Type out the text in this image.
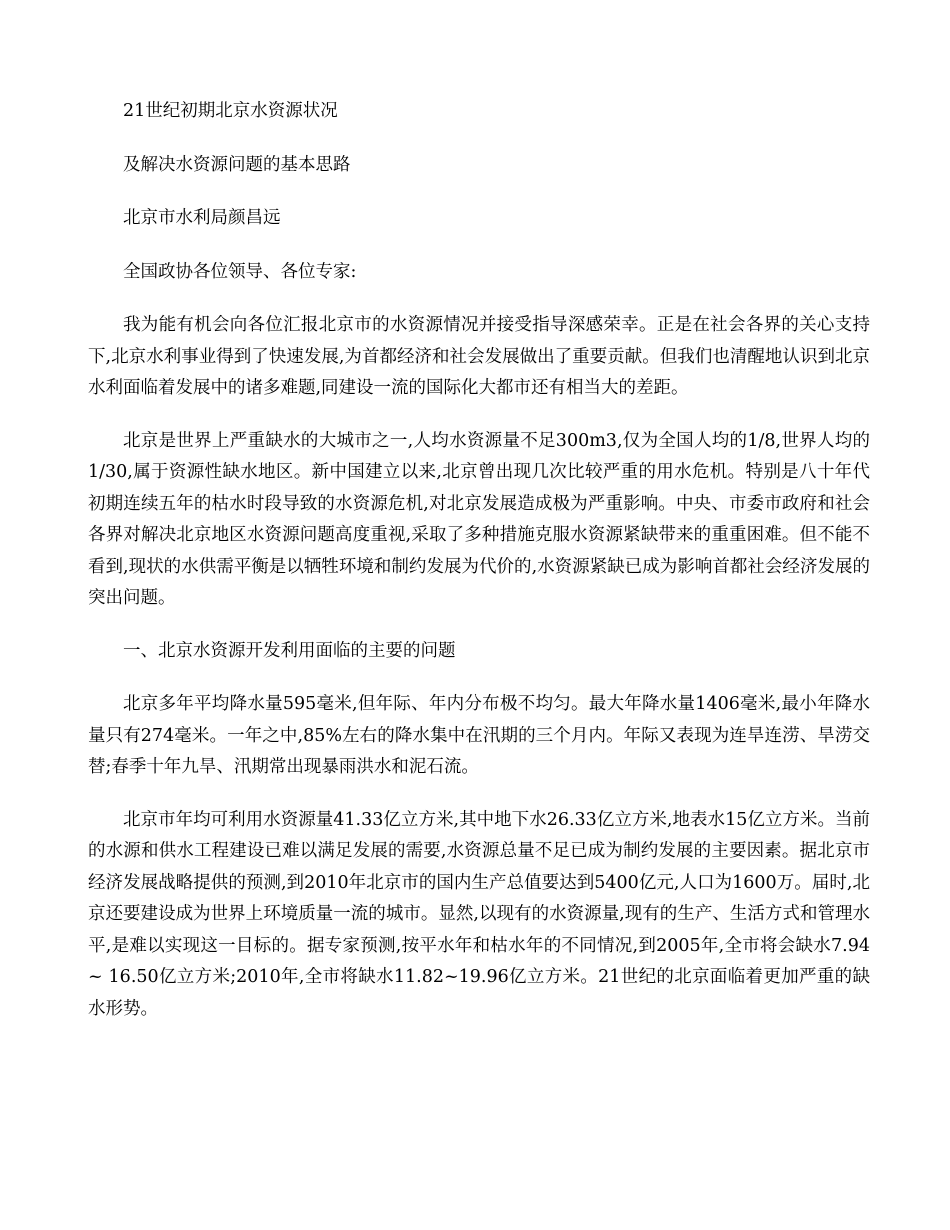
21世纪初期北京水资源状况

及解决水资源问题的基本思路

北京市水利局颜昌远

全国政协各位领导、各位专家:

我为能有机会向各位汇报北京市的水资源情况并接受指导深感荣幸。正是在社会各界的关心支持下,北京水利事业得到了快速发展,为首都经济和社会发展做出了重要贡献。但我们也清醒地认识到北京水利面临着发展中的诸多难题,同建设一流的国际化大都市还有相当大的差距。

北京是世界上严重缺水的大城市之一,人均水资源量不足300m3,仅为全国人均的1/8,世界人均的1/30,属于资源性缺水地区。新中国建立以来,北京曾出现几次比较严重的用水危机。特别是八十年代初期连续五年的枯水时段导致的水资源危机,对北京发展造成极为严重影响。中央、市委市政府和社会各界对解决北京地区水资源问题高度重视,采取了多种措施克服水资源紧缺带来的重重困难。但不能不看到,现状的水供需平衡是以牺牲环境和制约发展为代价的,水资源紧缺已成为影响首都社会经济发展的突出问题。

一、北京水资源开发利用面临的主要的问题

北京多年平均降水量595毫米,但年际、年内分布极不均匀。最大年降水量1406毫米,最小年降水量只有274毫米。一年之中,85%左右的降水集中在汛期的三个月内。年际又表现为连旱连涝、旱涝交替;春季十年九旱、汛期常出现暴雨洪水和泥石流。

北京市年均可利用水资源量41.33亿立方米,其中地下水26.33亿立方米,地表水15亿立方米。当前的水源和供水工程建设已难以满足发展的需要,水资源总量不足已成为制约发展的主要因素。据北京市经济发展战略提供的预测,到2010年北京市的国内生产总值要达到5400亿元,人口为1600万。届时,北京还要建设成为世界上环境质量一流的城市。显然,以现有的水资源量,现有的生产、生活方式和管理水平,是难以实现这一目标的。据专家预测,按平水年和枯水年的不同情况,到2005年,全市将会缺水7.94~ 16.50亿立方米;2010年,全市将缺水11.82~19.96亿立方米。21世纪的北京面临着更加严重的缺水形势。
